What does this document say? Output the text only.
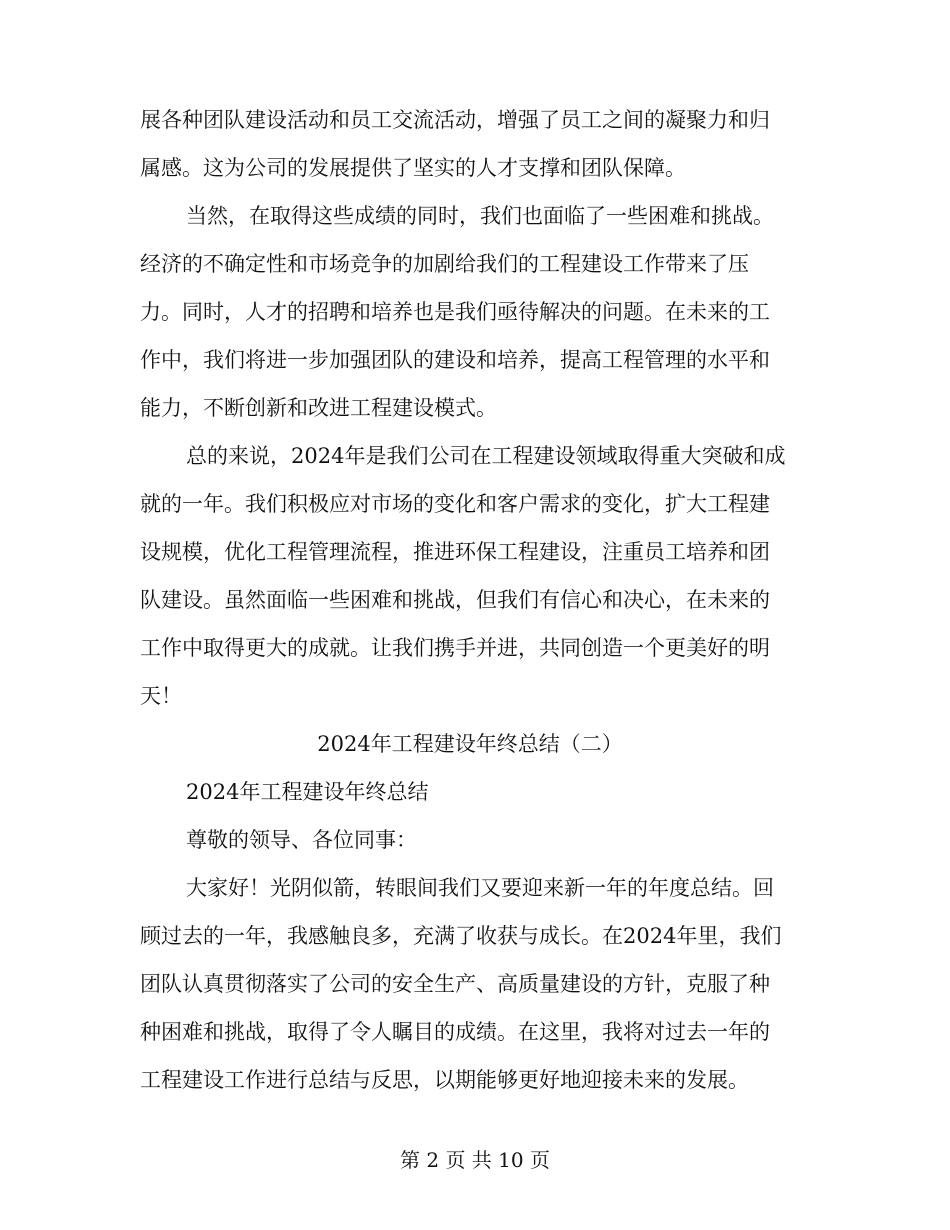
展各种团队建设活动和员工交流活动，增强了员工之间的凝聚力和归
属感。这为公司的发展提供了坚实的人才支撑和团队保障。
当然，在取得这些成绩的同时，我们也面临了一些困难和挑战。
经济的不确定性和市场竞争的加剧给我们的工程建设工作带来了压
力。同时，人才的招聘和培养也是我们亟待解决的问题。在未来的工
作中，我们将进一步加强团队的建设和培养，提高工程管理的水平和
能力，不断创新和改进工程建设模式。
总的来说，2024年是我们公司在工程建设领域取得重大突破和成
就的一年。我们积极应对市场的变化和客户需求的变化，扩大工程建
设规模，优化工程管理流程，推进环保工程建设，注重员工培养和团
队建设。虽然面临一些困难和挑战，但我们有信心和决心，在未来的
工作中取得更大的成就。让我们携手并进，共同创造一个更美好的明
天！
2024年工程建设年终总结（二）
2024年工程建设年终总结
尊敬的领导、各位同事：
大家好！光阴似箭，转眼间我们又要迎来新一年的年度总结。回
顾过去的一年，我感触良多，充满了收获与成长。在2024年里，我们
团队认真贯彻落实了公司的安全生产、高质量建设的方针，克服了种
种困难和挑战，取得了令人瞩目的成绩。在这里，我将对过去一年的
工程建设工作进行总结与反思，以期能够更好地迎接未来的发展。
第 2 页 共 10 页
